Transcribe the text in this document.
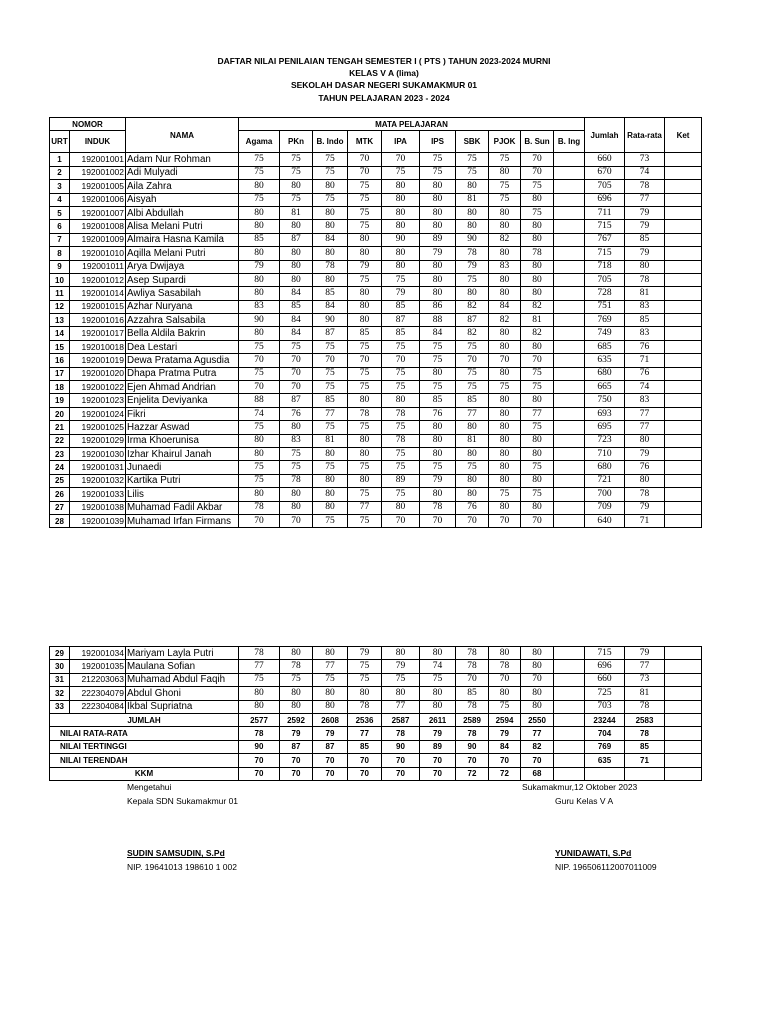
DAFTAR NILAI PENILAIAN TENGAH SEMESTER I ( PTS ) TAHUN 2023-2024 MURNI
KELAS V A (lima)
SEKOLAH DASAR NEGERI SUKAMAKMUR 01
TAHUN PELAJARAN 2023 - 2024
NOMOR		NAMA	MATA PELAJARAN										Jumlah	Rata-rata	Ket
URT	INDUK		Agama	PKn	B. Indo	MTK	IPA	IPS	SBK	PJOK	B. Sun	B. Ing			
1	192001001	Adam Nur Rohman	75	75	75	70	70	75	75	75	70		660	73	
2	192001002	Adi Mulyadi	75	75	75	70	75	75	75	80	70		670	74	
3	192001005	Aila Zahra	80	80	80	75	80	80	80	75	75		705	78	
4	192001006	Aisyah	75	75	75	75	80	80	81	75	80		696	77	
5	192001007	Albi Abdullah	80	81	80	75	80	80	80	80	75		711	79	
6	192001008	Alisa Melani Putri	80	80	80	75	80	80	80	80	80		715	79	
7	192001009	Almaira Hasna Kamila	85	87	84	80	90	89	90	82	80		767	85	
8	192001010	Aqilla Melani Putri	80	80	80	80	80	79	78	80	78		715	79	
9	192001011	Arya Dwijaya	79	80	78	79	80	80	79	83	80		718	80	
10	192001012	Asep Supardi	80	80	80	75	75	80	75	80	80		705	78	
11	192001014	Awliya Sasabilah	80	84	85	80	79	80	80	80	80		728	81	
12	192001015	Azhar Nuryana	83	85	84	80	85	86	82	84	82		751	83	
13	192001016	Azzahra Salsabila	90	84	90	80	87	88	87	82	81		769	85	
14	192001017	Bella Aldila Bakrin	80	84	87	85	85	84	82	80	82		749	83	
15	192010018	Dea Lestari	75	75	75	75	75	75	75	80	80		685	76	
16	192001019	Dewa Pratama Agusdia	70	70	70	70	70	75	70	70	70		635	71	
17	192001020	Dhapa Pratma Putra	75	70	75	75	75	80	75	80	75		680	76	
18	192001022	Ejen Ahmad Andrian	70	70	75	75	75	75	75	75	75		665	74	
19	192001023	Enjelita Deviyanka	88	87	85	80	80	85	85	80	80		750	83	
20	192001024	Fikri	74	76	77	78	78	76	77	80	77		693	77	
21	192001025	Hazzar Aswad	75	80	75	75	75	80	80	80	75		695	77	
22	192001029	Irma Khoerunisa	80	83	81	80	78	80	81	80	80		723	80	
23	192001030	Izhar Khairul Janah	80	75	80	80	75	80	80	80	80		710	79	
24	192001031	Junaedi	75	75	75	75	75	75	75	80	75		680	76	
25	192001032	Kartika Putri	75	78	80	80	89	79	80	80	80		721	80	
26	192001033	Lilis	80	80	80	75	75	80	80	75	75		700	78	
27	192001038	Muhamad Fadil Akbar	78	80	80	77	80	78	76	80	80		709	79	
28	192001039	Muhamad Irfan Firmans	70	70	75	75	70	70	70	70	70		640	71	
29	192001034	Mariyam Layla Putri	78	80	80	79	80	80	78	80	80		715	79	
30	192001035	Maulana Sofian	77	78	77	75	79	74	78	78	80		696	77	
31	212203063	Muhamad Abdul Faqih	75	75	75	75	75	75	70	70	70		660	73	
32	222304079	Abdul Ghoni	80	80	80	80	80	80	85	80	80		725	81	
33	222304084	Ikbal Supriatna	80	80	80	78	77	80	78	75	80		703	78	
JUMLAH			2577	2592	2608	2536	2587	2611	2589	2594	2550		23244	2583	
NILAI RATA-RATA			78	79	79	77	78	79	78	79	77		704	78	
NILAI TERTINGGI			90	87	87	85	90	89	90	84	82		769	85	
NILAI TERENDAH			70	70	70	70	70	70	70	70	70		635	71	
KKM			70	70	70	70	70	70	72	72	68				
Mengetahui
Kepala SDN Sukamakmur 01
SUDIN SAMSUDIN, S.Pd
NIP. 19641013 198610 1 002
Sukamakmur,12 Oktober 2023
Guru Kelas V A
YUNIDAWATI, S.Pd
NIP. 196506112007011009
